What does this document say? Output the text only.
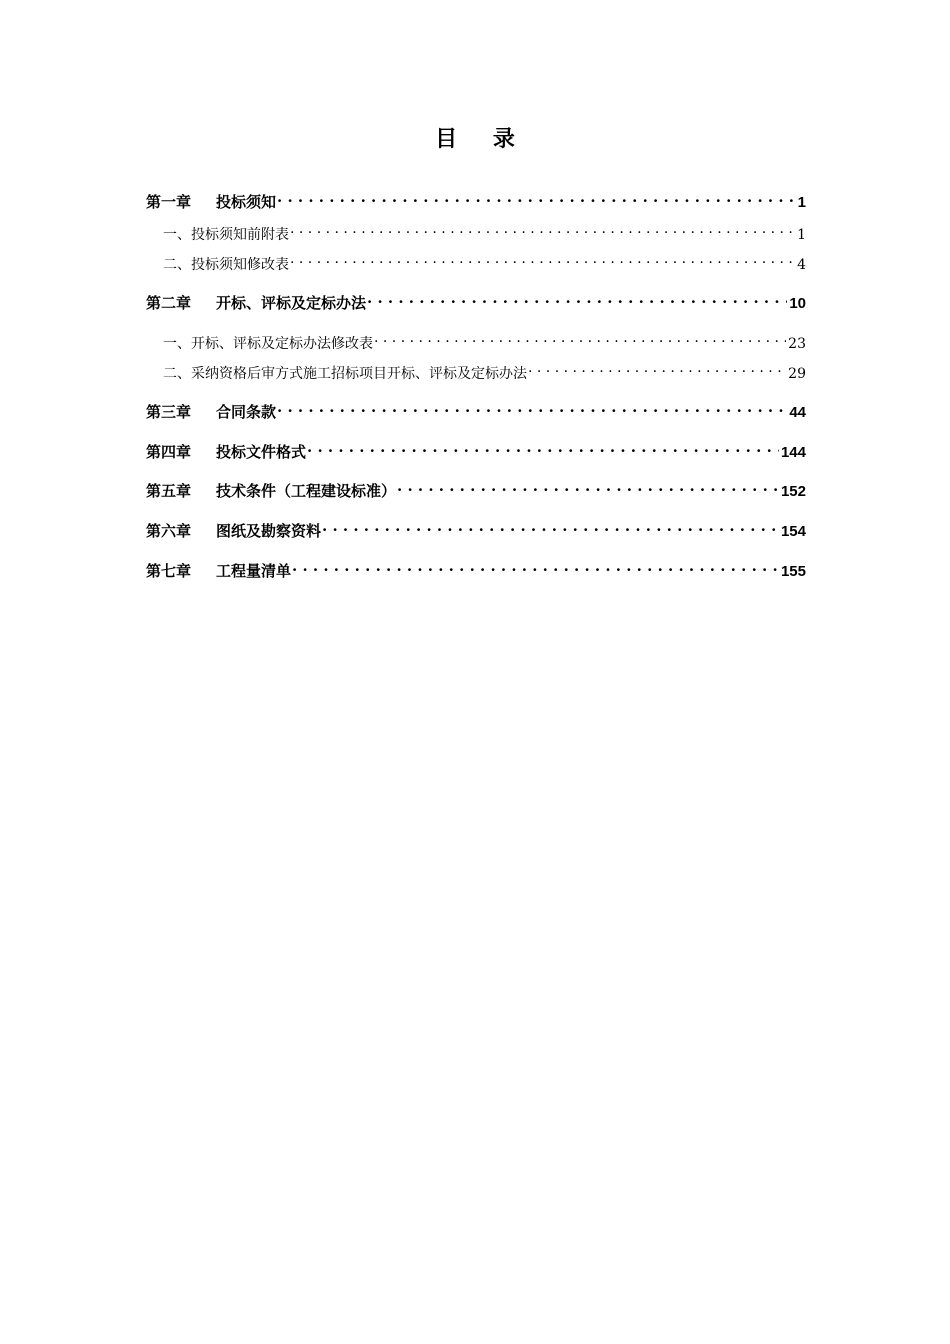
目 录
第一章	投标须知 . . .	1
一、 投标须知前附表 . . .	1
二、 投标须知修改表 . . .	4
第二章	开标、评标及定标办法 . . .	10
一、 开标、评标及定标办法修改表 . . .	23
二、 采纳资格后审方式施工招标项目开标、评标及定标办法 . . .	29
第三章	合同条款 . . .	44
第四章	投标文件格式 . . .	144
第五章	技术条件（工程建设标准） . . .	152
第六章	图纸及勘察资料 . . .	154
第七章	工程量清单 . . .	155
